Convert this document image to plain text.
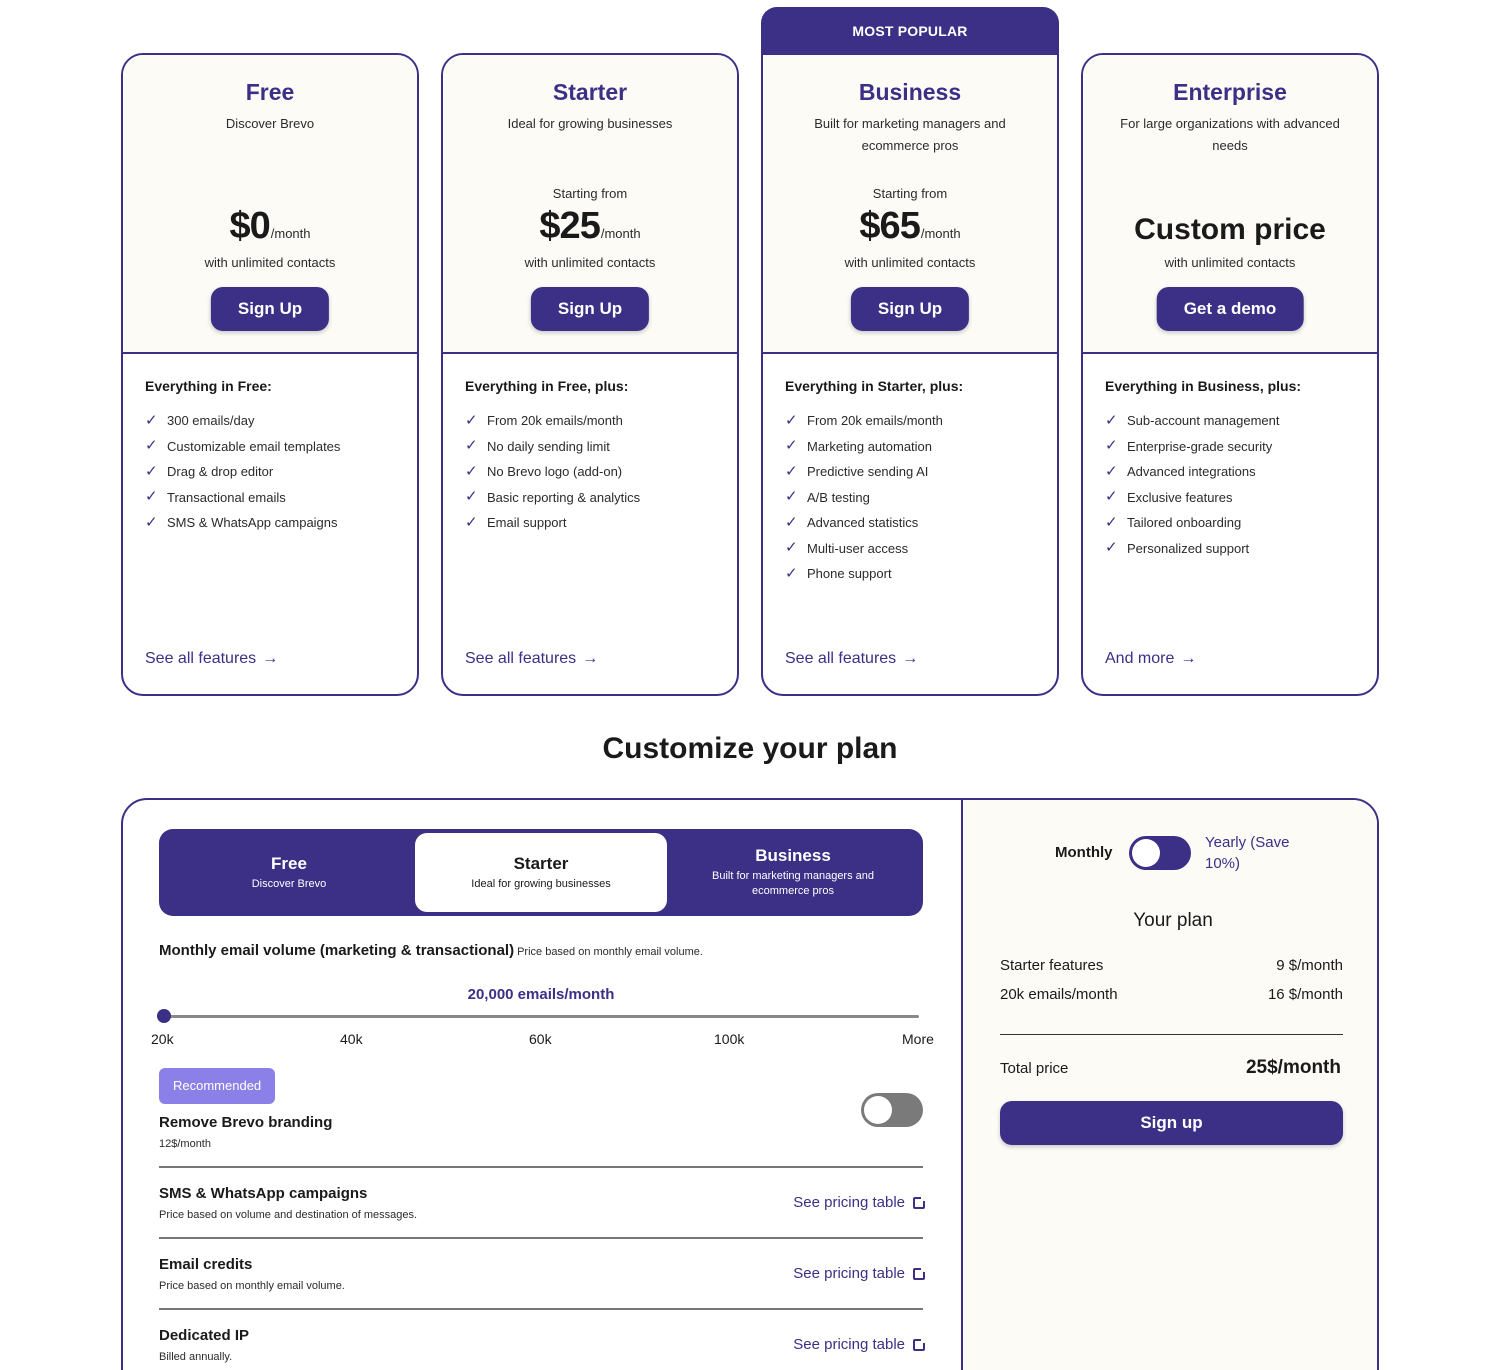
MOST POPULAR
Free
Discover Brevo
$0 /month
with unlimited contacts
Sign Up
Everything in Free:
✓ 300 emails/day
✓ Customizable email templates
✓ Drag & drop editor
✓ Transactional emails
✓ SMS & WhatsApp campaigns
See all features →
Starter
Ideal for growing businesses
Starting from
$25 /month
with unlimited contacts
Sign Up
Everything in Free, plus:
✓ From 20k emails/month
✓ No daily sending limit
✓ No Brevo logo (add-on)
✓ Basic reporting & analytics
✓ Email support
See all features →
Business
Built for marketing managers and ecommerce pros
Starting from
$65 /month
with unlimited contacts
Sign Up
Everything in Starter, plus:
✓ From 20k emails/month
✓ Marketing automation
✓ Predictive sending AI
✓ A/B testing
✓ Advanced statistics
✓ Multi-user access
✓ Phone support
See all features →
Enterprise
For large organizations with advanced needs
Custom price
with unlimited contacts
Get a demo
Everything in Business, plus:
✓ Sub-account management
✓ Enterprise-grade security
✓ Advanced integrations
✓ Exclusive features
✓ Tailored onboarding
✓ Personalized support
And more →
Customize your plan
Free
Discover Brevo
Starter
Ideal for growing businesses
Business
Built for marketing managers and ecommerce pros
Monthly email volume (marketing & transactional) Price based on monthly email volume.
20,000 emails/month
20k	40k	60k	100k	More
Recommended
Remove Brevo branding
12$/month
SMS & WhatsApp campaigns
Price based on volume and destination of messages.
See pricing table
Email credits
Price based on monthly email volume.
See pricing table
Dedicated IP
Billed annually.
See pricing table
Monthly
Yearly (Save 10%)
Your plan
Starter features	9 $/month
20k emails/month	16 $/month
Total price	25$/month
Sign up
